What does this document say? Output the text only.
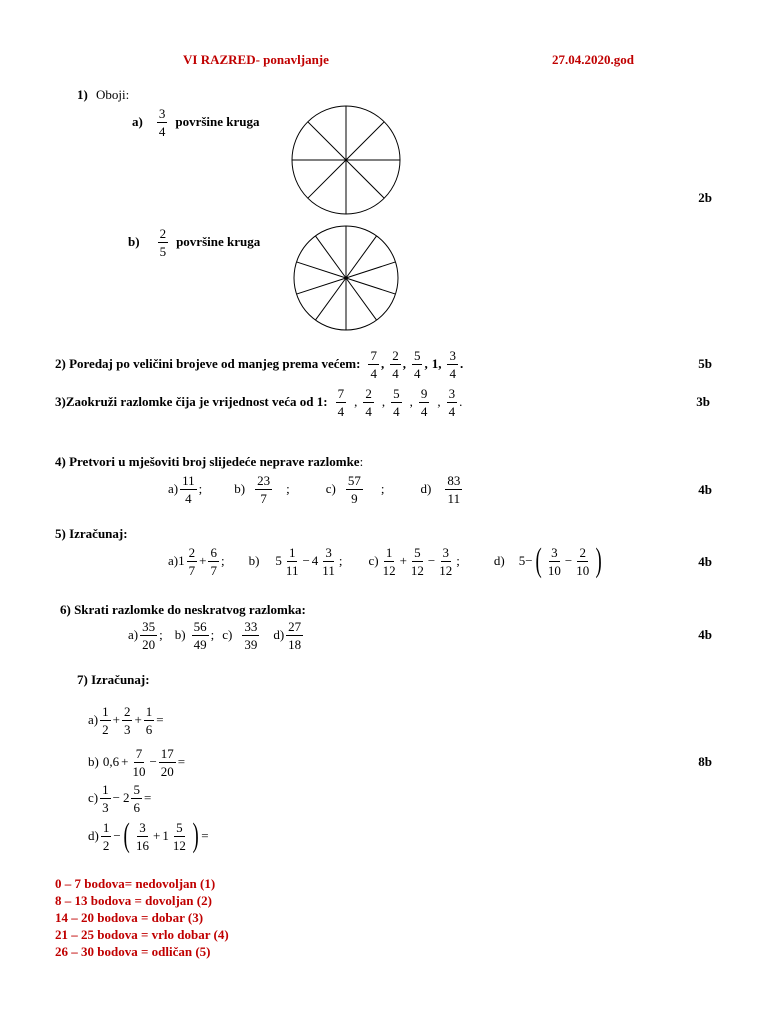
VI RAZRED- ponavljanje	27.04.2020.god
1) Oboji:
a)
3
4
površine kruga
2b
b)
2
5
površine kruga
2) Poredaj po veličini brojeve od manjeg prema većem:
7
4
,
2
4
,
5
4
, 1 ,
3
4
.	5b
3)Zaokruži razlomke čija je vrijednost veća od 1:
7
4
,
2
4
,
5
4
,
9
4
,
3
4
.	3b
4) Pretvori u mješoviti broj slijedeće neprave razlomke:
a)
11
4
; b)
23
7
;	c)
57
9
;	d)
83
11
4b
5) Izračunaj:
a) 1
2
7
+ $\frac{6}{7}$ ; b) 5
1
11
− 4
3
11
; c)
1
12
+ $\frac{5}{12} - \frac{3}{12}$ ;	d) 5 − ( 3
10
− $\frac{2}{10}$ )	4b
6) Skrati razlomke do neskratvog razlomka:
a)
35
20
; b)
56
49
; c)
33
39
d)
27
18
4b
7) Izračunaj:
a)
1
2
+ $\frac{2}{3} + \frac{1}{6}$ =
b) $0,6 + \frac{7}{10} - \frac{17}{20}$ =	8b
c)
1
3
− $2 \frac{5}{6}$ =
d)
1
2
− ( 3
16
+ 1
5
12 ) =
0 – 7 bodova= nedovoljan (1)
8 – 13 bodova = dovoljan (2)
14 – 20 bodova = dobar (3)
21 – 25 bodova = vrlo dobar (4)
26 – 30 bodova = odličan (5)
